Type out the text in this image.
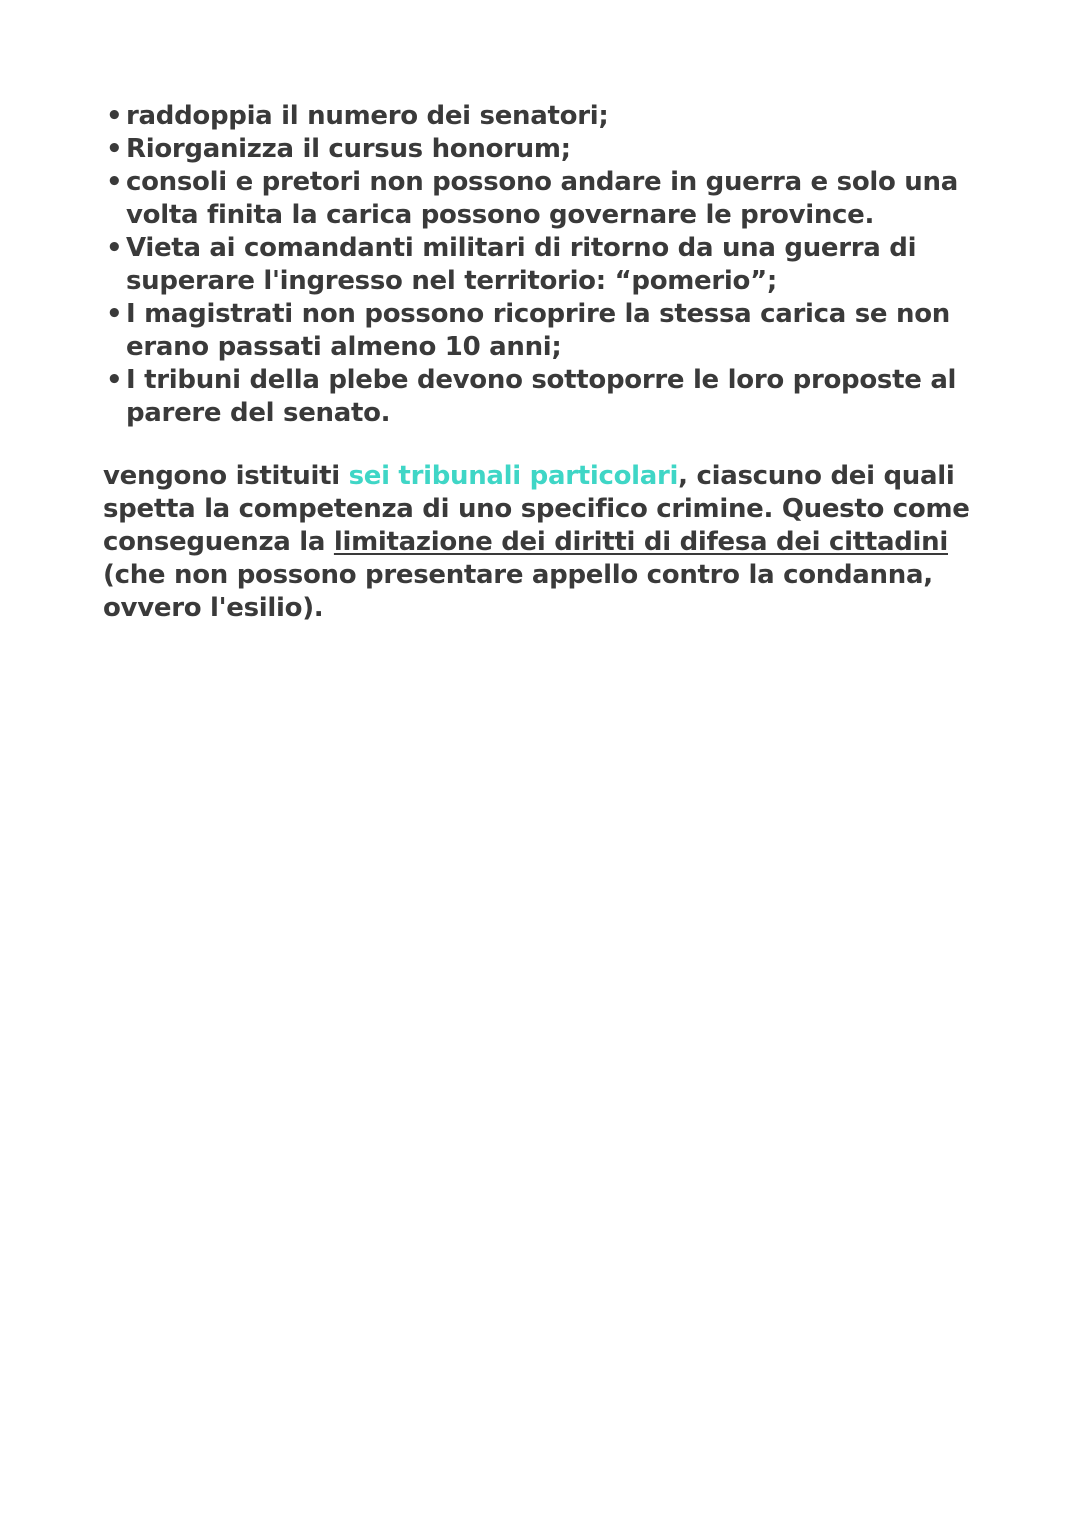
• raddoppia il numero dei senatori;
• Riorganizza il cursus honorum;
• consoli e pretori non possono andare in guerra e solo una volta finita la carica possono governare le province.
• Vieta ai comandanti militari di ritorno da una guerra di superare l'ingresso nel territorio: “pomerio”;
• I magistrati non possono ricoprire la stessa carica se non erano passati almeno 10 anni;
• I tribuni della plebe devono sottoporre le loro proposte al parere del senato.

vengono istituiti sei tribunali particolari, ciascuno dei quali spetta la competenza di uno specifico crimine. Questo come conseguenza la limitazione dei diritti di difesa dei cittadini (che non possono presentare appello contro la condanna, ovvero l'esilio).
